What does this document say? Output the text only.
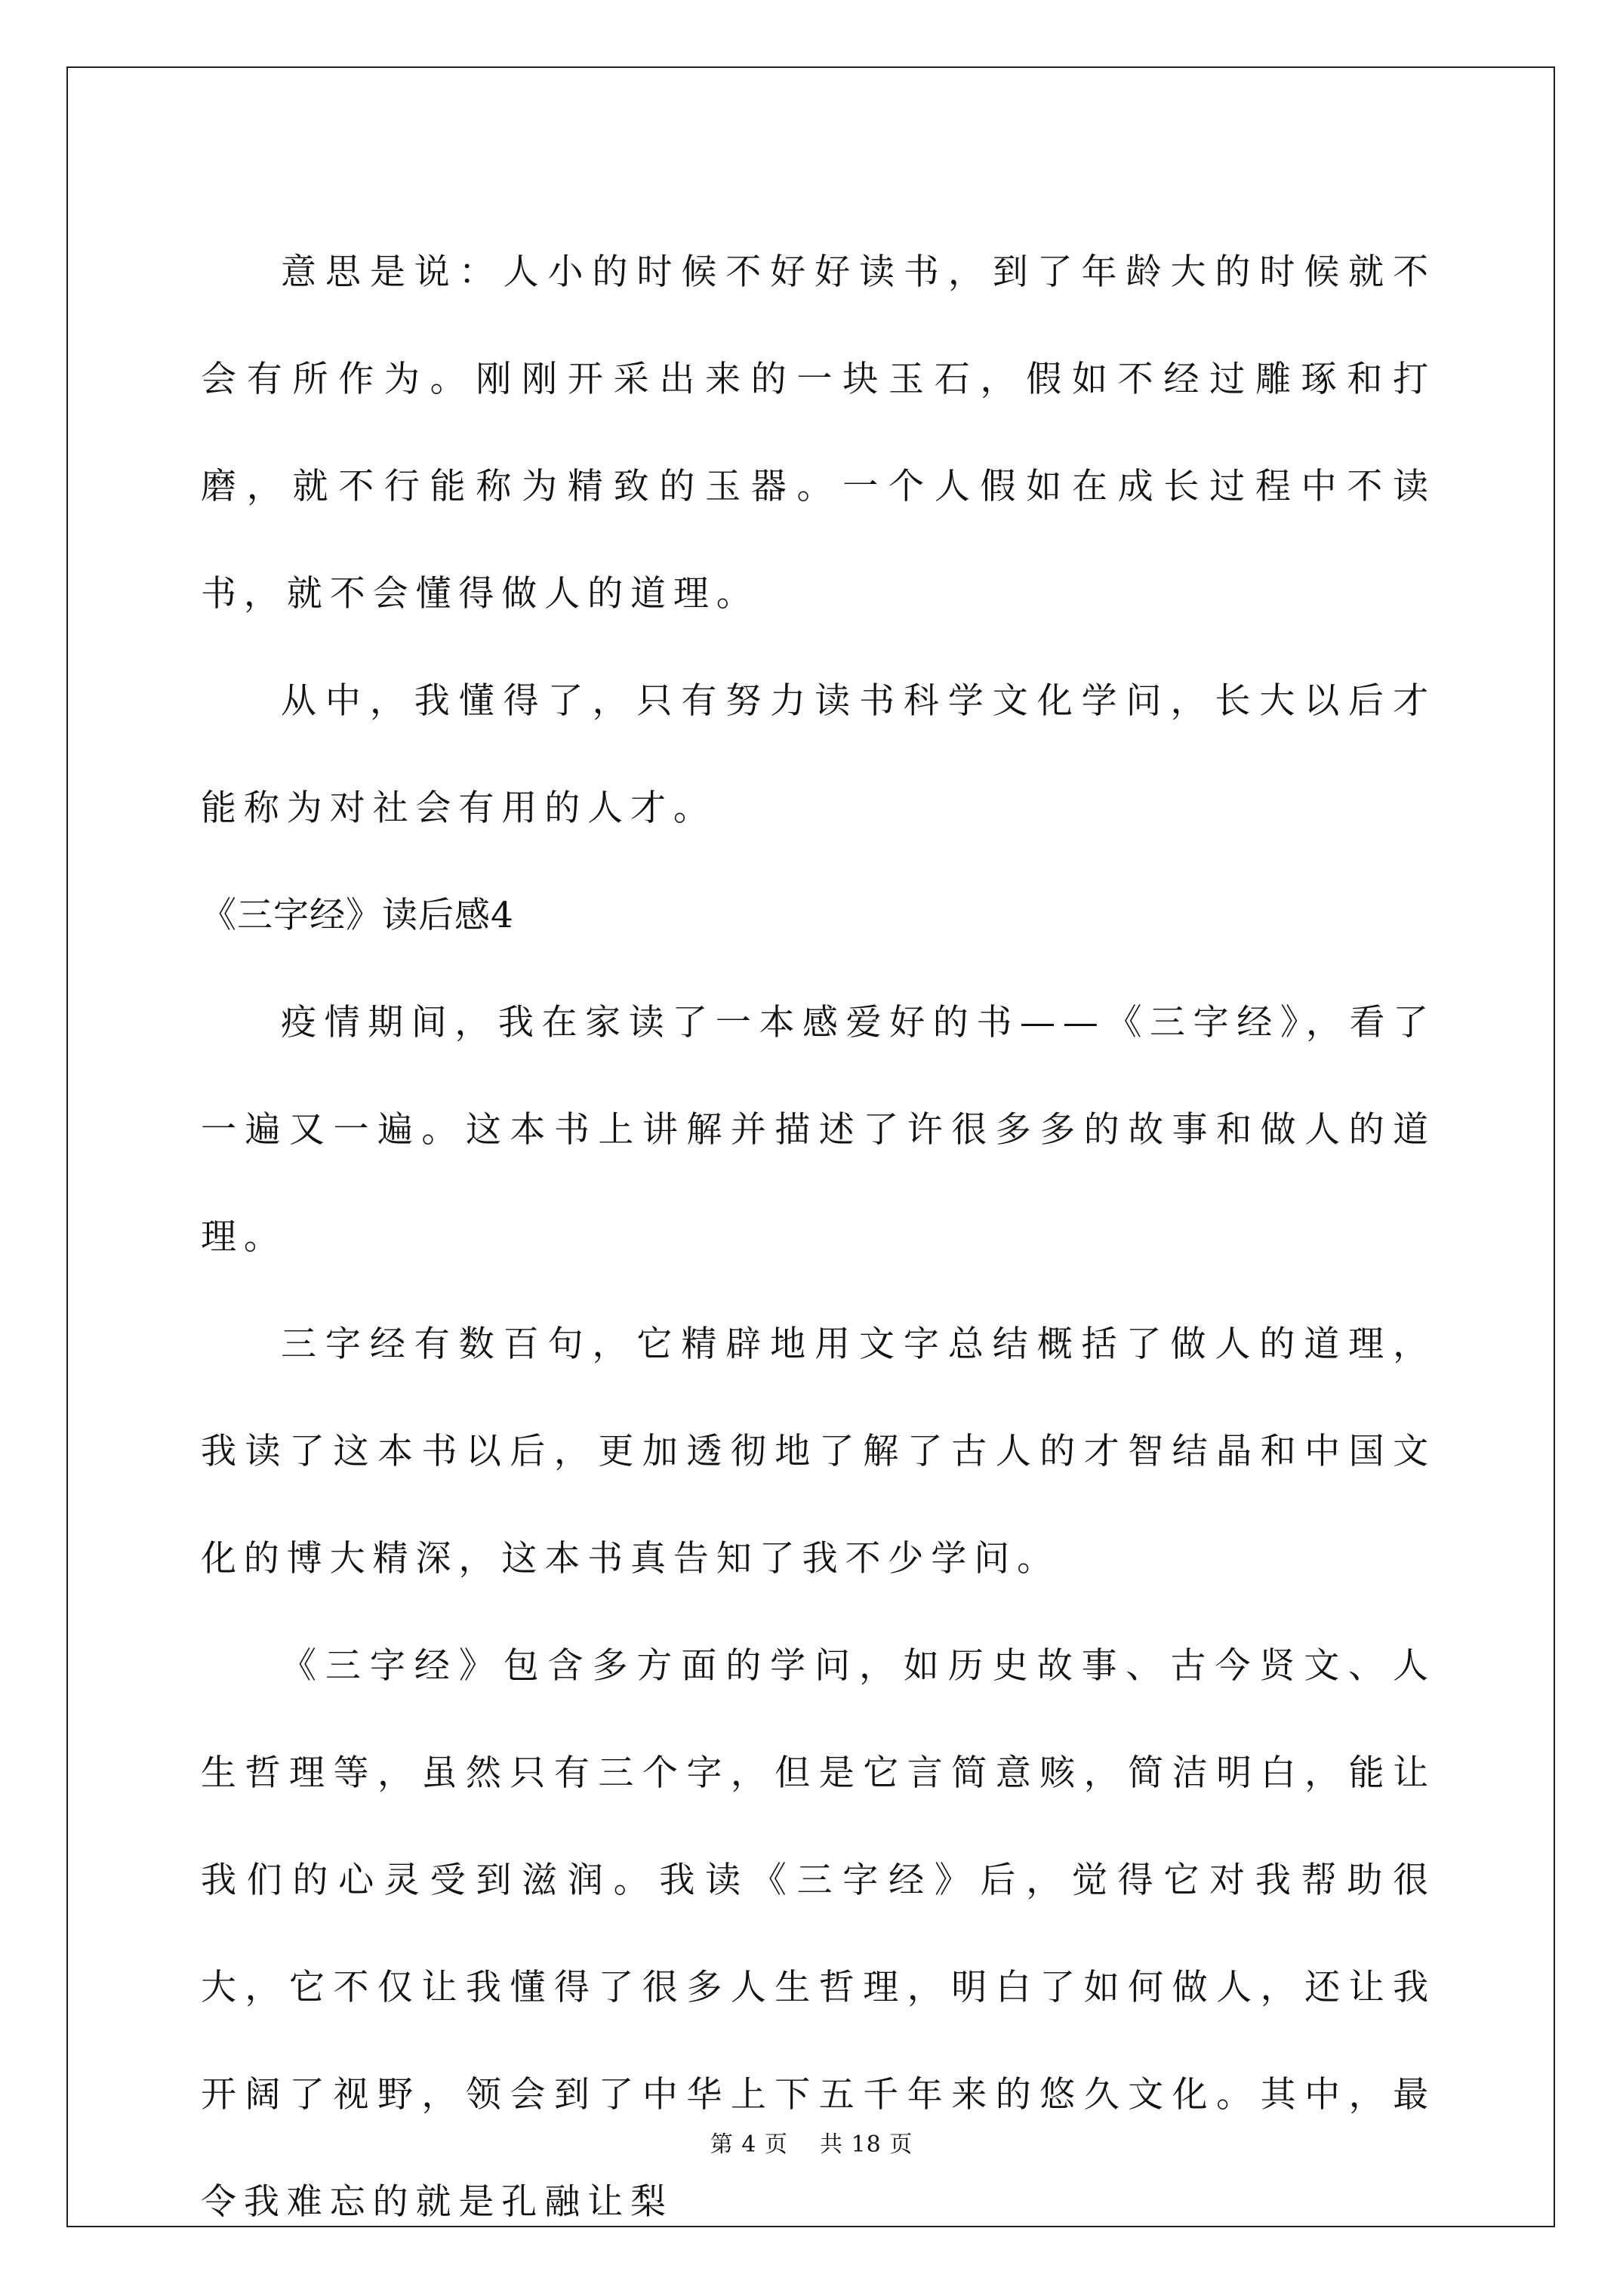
意思是说：人小的时候不好好读书，到了年龄大的时候就不会有所作为。刚刚开采出来的一块玉石，假如不经过雕琢和打磨，就不行能称为精致的玉器。一个人假如在成长过程中不读书，就不会懂得做人的道理。

从中，我懂得了，只有努力读书科学文化学问，长大以后才能称为对社会有用的人才。

《三字经》读后感4

疫情期间，我在家读了一本感爱好的书——《三字经》，看了一遍又一遍。这本书上讲解并描述了许很多多的故事和做人的道理。

三字经有数百句，它精辟地用文字总结概括了做人的道理，我读了这本书以后，更加透彻地了解了古人的才智结晶和中国文化的博大精深，这本书真告知了我不少学问。

《三字经》包含多方面的学问，如历史故事、古今贤文、人生哲理等，虽然只有三个字，但是它言简意赅，简洁明白，能让我们的心灵受到滋润。我读《三字经》后，觉得它对我帮助很大，它不仅让我懂得了很多人生哲理，明白了如何做人，还让我开阔了视野，领会到了中华上下五千年来的悠久文化。其中，最令我难忘的就是孔融让梨

第 4 页 共 18 页
